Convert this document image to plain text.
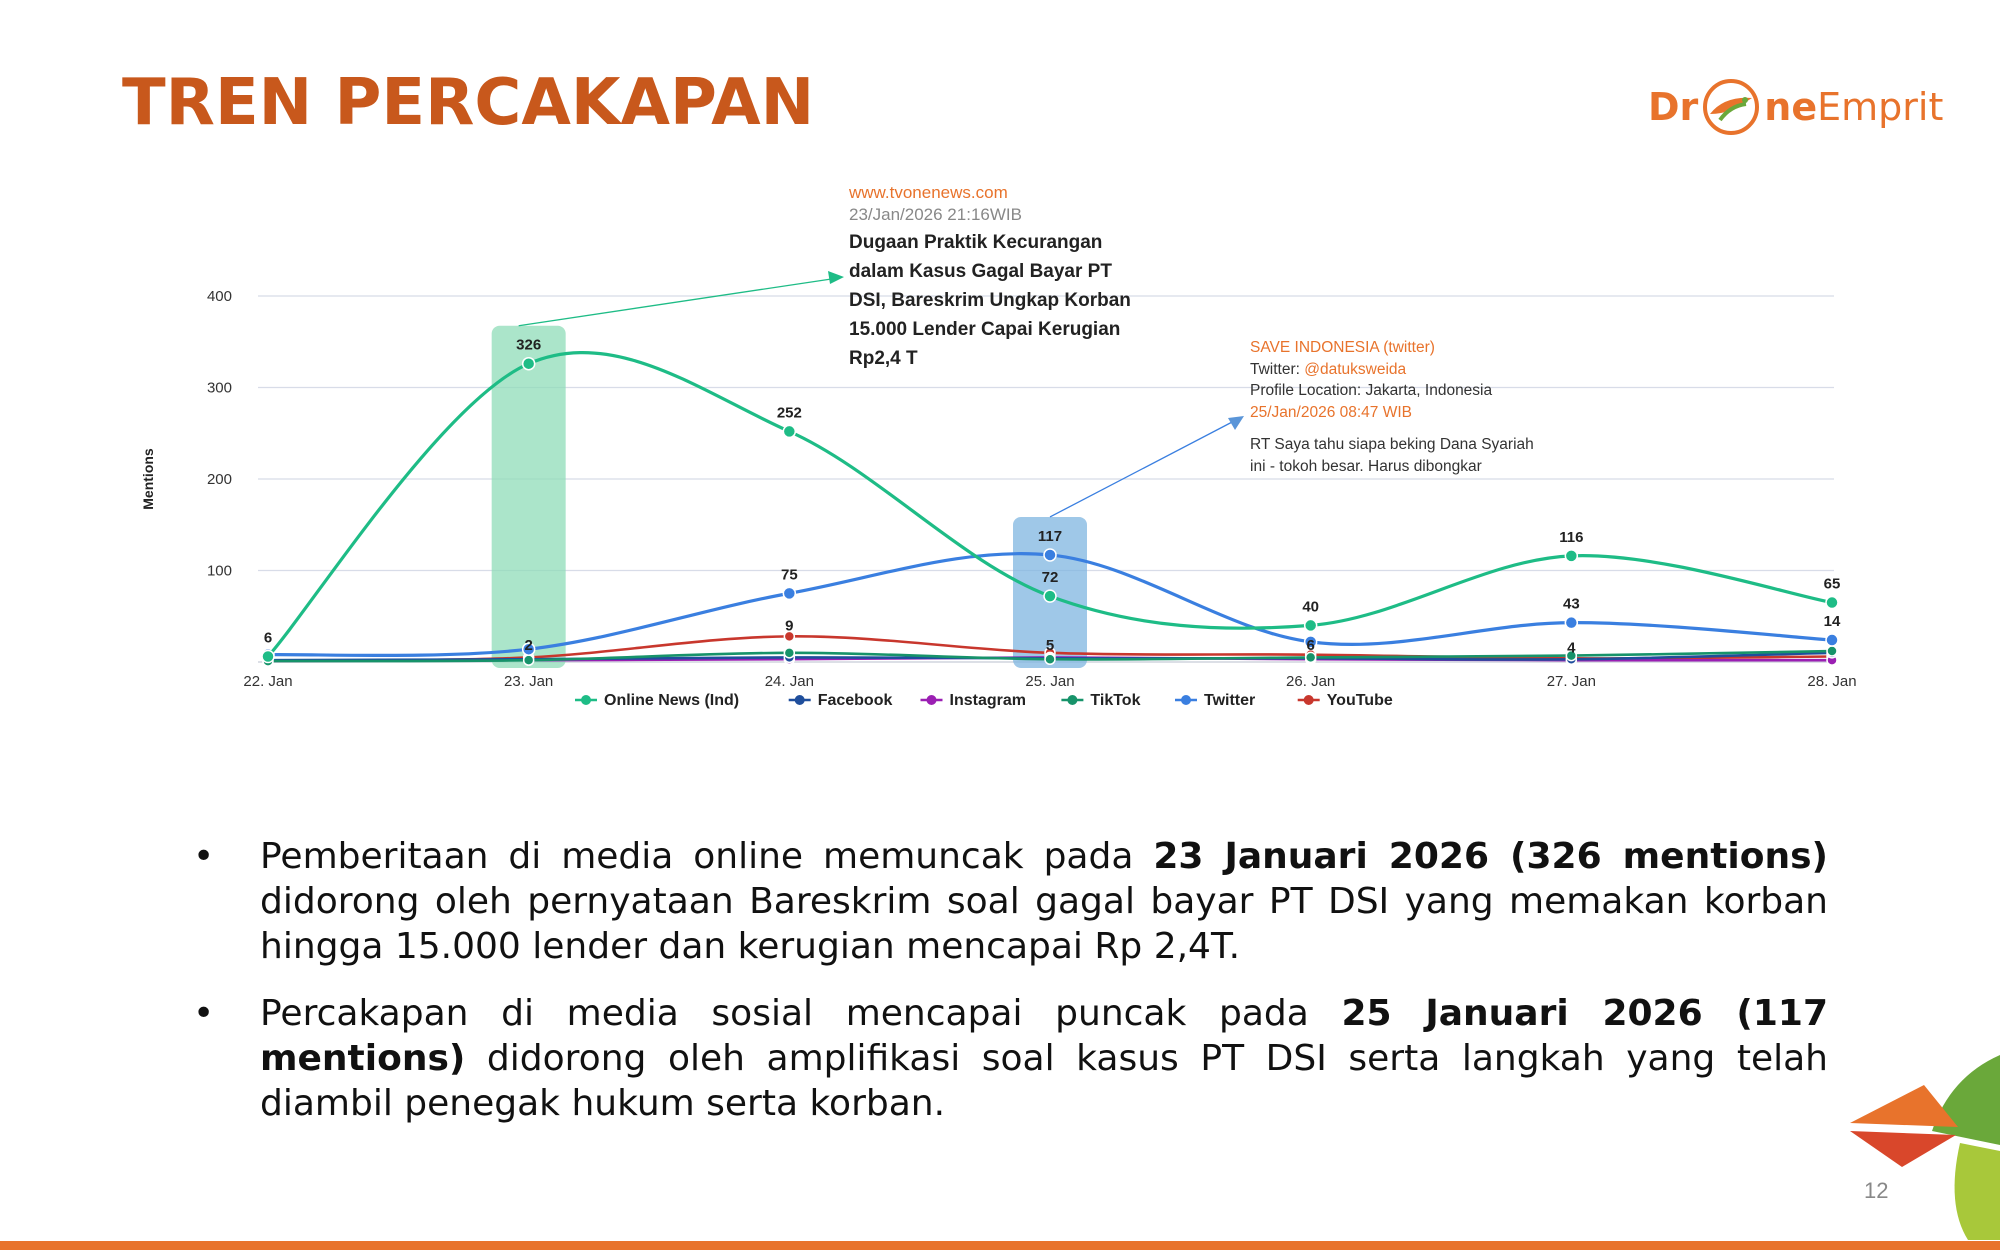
TREN PERCAKAPAN	Dr ne Emprit
100
200
300
400
Mentions
22. Jan	23. Jan	24. Jan	25. Jan	26. Jan	27. Jan	28. Jan
6
326
252
72
40
116
65
2	5
75
117
6
43
14
9
4
Online News (Ind)	Facebook	Instagram	TikTok	Twitter	YouTube
www.tvonenews.com
23/Jan/2026 21:16WIB
Dugaan Praktik Kecurangan dalam Kasus Gagal Bayar PT DSI, Bareskrim Ungkap Korban 15.000 Lender Capai Kerugian Rp2,4 T
SAVE INDONESIA (twitter)
Twitter: @datuksweida
Profile Location: Jakarta, Indonesia
25/Jan/2026 08:47 WIB
RT Saya tahu siapa beking Dana Syariah ini - tokoh besar. Harus dibongkar
•	Pemberitaan di media online memuncak pada 23 Januari 2026 (326 mentions) didorong oleh pernyataan Bareskrim soal gagal bayar PT DSI yang memakan korban hingga 15.000 lender dan kerugian mencapai Rp 2,4T.
•	Percakapan di media sosial mencapai puncak pada 25 Januari 2026 (117 mentions) didorong oleh amplifikasi soal kasus PT DSI serta langkah yang telah diambil penegak hukum serta korban.
12
